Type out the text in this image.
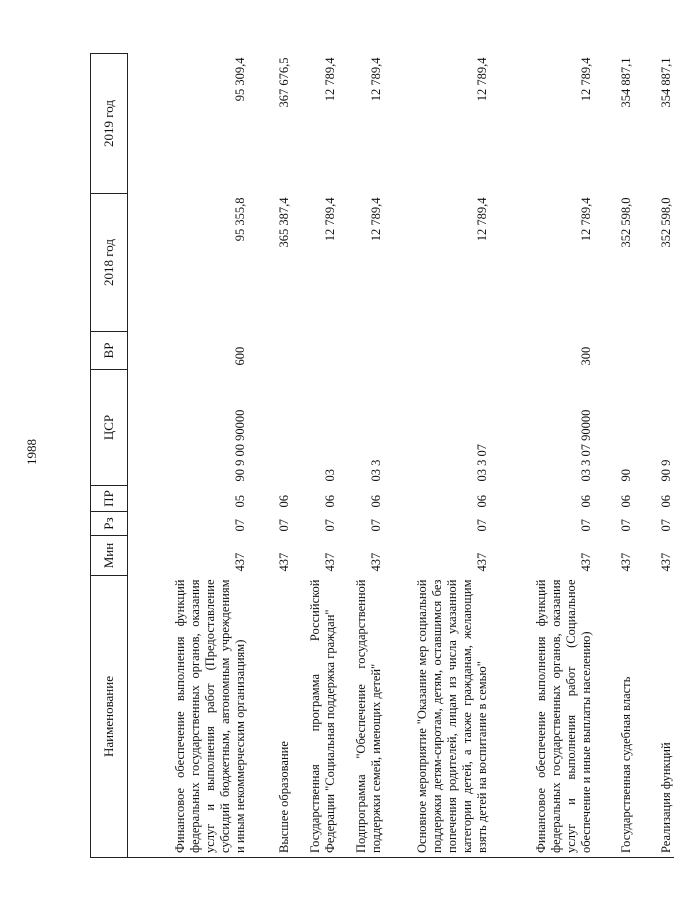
1988
Наименование	Мин	Рз	ПР	ЦСР	ВР	2018 год	2019 год
Финансовое обеспечение выполнения функций федеральных государственных органов, оказания услуг и выполнения работ (Предоставление субсидий бюджетным, автономным учреждениям и иным некоммерческим организациям)	437	07	05	90 9 00 90000	600	95 355,8	95 309,4
Высшее образование	437	07	06			365 387,4	367 676,5
Государственная программа Российской Федерации "Социальная поддержка граждан"	437	07	06	03		12 789,4	12 789,4
Подпрограмма "Обеспечение государственной поддержки семей, имеющих детей"	437	07	06	03 3		12 789,4	12 789,4
Основное мероприятие "Оказание мер социальной поддержки детям-сиротам, детям, оставшимся без попечения родителей, лицам из числа указанной категории детей, а также гражданам, желающим взять детей на воспитание в семью"	437	07	06	03 3 07		12 789,4	12 789,4
Финансовое обеспечение выполнения функций федеральных государственных органов, оказания услуг и выполнения работ (Социальное обеспечение и иные выплаты населению)	437	07	06	03 3 07 90000	300	12 789,4	12 789,4
Государственная судебная власть	437	07	06	90		352 598,0	354 887,1
Реализация функций	437	07	06	90 9		352 598,0	354 887,1
